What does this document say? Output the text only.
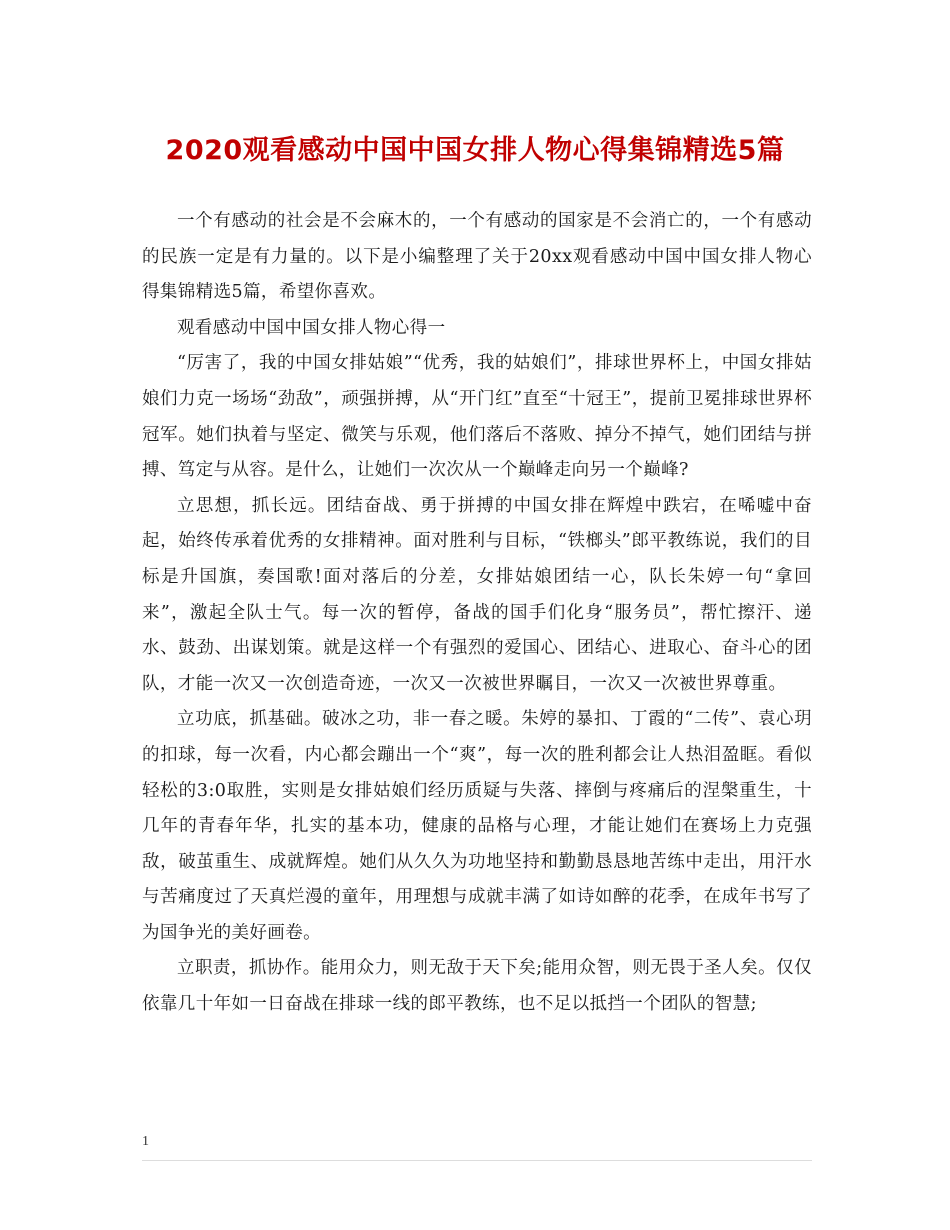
2020观看感动中国中国女排人物心得集锦精选5篇

一个有感动的社会是不会麻木的，一个有感动的国家是不会消亡的，一个有感动的民族一定是有力量的。以下是小编整理了关于20xx观看感动中国中国女排人物心得集锦精选5篇，希望你喜欢。

观看感动中国中国女排人物心得一

“厉害了，我的中国女排姑娘”“优秀，我的姑娘们”，排球世界杯上，中国女排姑娘们力克一场场“劲敌”，顽强拼搏，从“开门红”直至“十冠王”，提前卫冕排球世界杯冠军。她们执着与坚定、微笑与乐观，他们落后不落败、掉分不掉气，她们团结与拼搏、笃定与从容。是什么，让她们一次次从一个巅峰走向另一个巅峰?

立思想，抓长远。团结奋战、勇于拼搏的中国女排在辉煌中跌宕，在唏嘘中奋起，始终传承着优秀的女排精神。面对胜利与目标，“铁榔头”郎平教练说，我们的目标是升国旗，奏国歌!面对落后的分差，女排姑娘团结一心，队长朱婷一句“拿回来”，激起全队士气。每一次的暂停，备战的国手们化身“服务员”，帮忙擦汗、递水、鼓劲、出谋划策。就是这样一个有强烈的爱国心、团结心、进取心、奋斗心的团队，才能一次又一次创造奇迹，一次又一次被世界瞩目，一次又一次被世界尊重。

立功底，抓基础。破冰之功，非一春之暖。朱婷的暴扣、丁霞的“二传”、袁心玥的扣球，每一次看，内心都会蹦出一个“爽”，每一次的胜利都会让人热泪盈眶。看似轻松的3:0取胜，实则是女排姑娘们经历质疑与失落、摔倒与疼痛后的涅槃重生，十几年的青春年华，扎实的基本功，健康的品格与心理，才能让她们在赛场上力克强敌，破茧重生、成就辉煌。她们从久久为功地坚持和勤勤恳恳地苦练中走出，用汗水与苦痛度过了天真烂漫的童年，用理想与成就丰满了如诗如醉的花季，在成年书写了为国争光的美好画卷。

立职责，抓协作。能用众力，则无敌于天下矣;能用众智，则无畏于圣人矣。仅仅依靠几十年如一日奋战在排球一线的郎平教练，也不足以抵挡一个团队的智慧;

1
